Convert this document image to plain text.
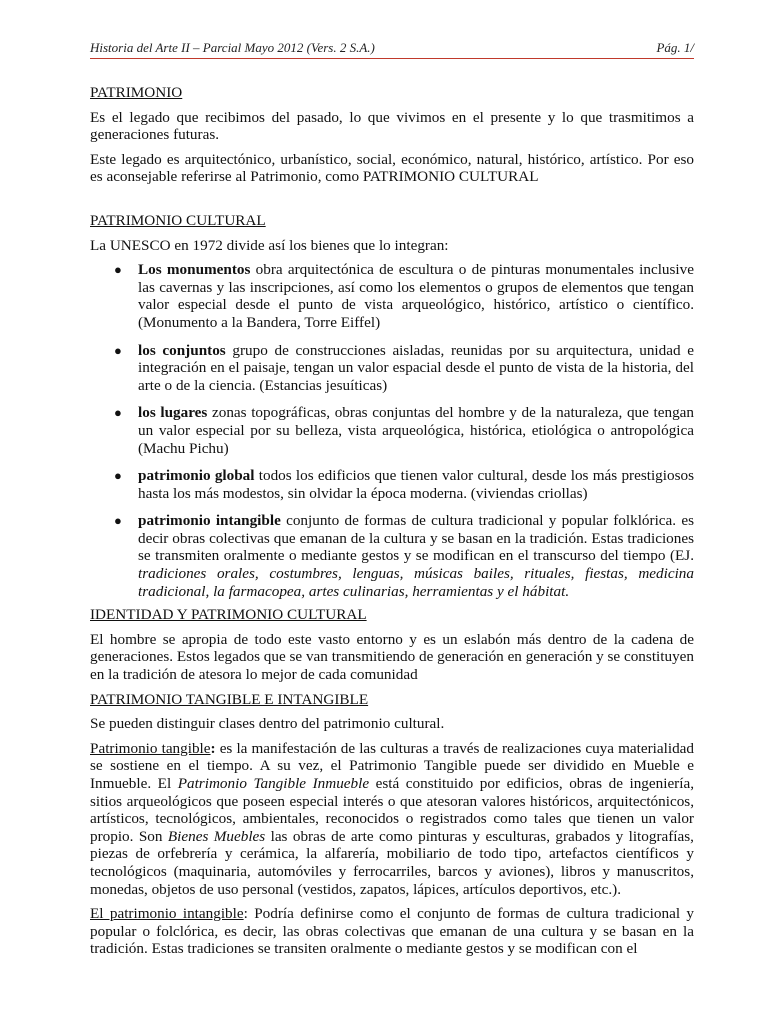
Historia del Arte II – Parcial Mayo 2012 (Vers. 2 S.A.)	Pág. 1/

PATRIMONIO

Es el legado que recibimos del pasado, lo que vivimos en el presente y lo que trasmitimos a generaciones futuras.

Este legado es arquitectónico, urbanístico, social, económico, natural, histórico, artístico. Por eso es aconsejable referirse al Patrimonio, como PATRIMONIO CULTURAL

PATRIMONIO CULTURAL

La UNESCO en 1972 divide así los bienes que lo integran:

● Los monumentos obra arquitectónica de escultura o de pinturas monumentales inclusive las cavernas y las inscripciones, así como los elementos o grupos de elementos que tengan valor especial desde el punto de vista arqueológico, histórico, artístico o científico. (Monumento a la Bandera, Torre Eiffel)
● los conjuntos grupo de construcciones aisladas, reunidas por su arquitectura, unidad e integración en el paisaje, tengan un valor espacial desde el punto de vista de la historia, del arte o de la ciencia. (Estancias jesuíticas)
● los lugares zonas topográficas, obras conjuntas del hombre y de la naturaleza, que tengan un valor especial por su belleza, vista arqueológica, histórica, etiológica o antropológica (Machu Pichu)
● patrimonio global todos los edificios que tienen valor cultural, desde los más prestigiosos hasta los más modestos, sin olvidar la época moderna. (viviendas criollas)
● patrimonio intangible conjunto de formas de cultura tradicional y popular folklórica. es decir obras colectivas que emanan de la cultura y se basan en la tradición. Estas tradiciones se transmiten oralmente o mediante gestos y se modifican en el transcurso del tiempo (EJ. tradiciones orales, costumbres, lenguas, músicas bailes, rituales, fiestas, medicina tradicional, la farmacopea, artes culinarias, herramientas y el hábitat.

IDENTIDAD Y PATRIMONIO CULTURAL

El hombre se apropia de todo este vasto entorno y es un eslabón más dentro de la cadena de generaciones. Estos legados que se van transmitiendo de generación en generación y se constituyen en la tradición de atesora lo mejor de cada comunidad

PATRIMONIO TANGIBLE E INTANGIBLE

Se pueden distinguir clases dentro del patrimonio cultural.

Patrimonio tangible: es la manifestación de las culturas a través de realizaciones cuya materialidad se sostiene en el tiempo. A su vez, el Patrimonio Tangible puede ser dividido en Mueble e Inmueble. El Patrimonio Tangible Inmueble está constituido por edificios, obras de ingeniería, sitios arqueológicos que poseen especial interés o que atesoran valores históricos, arquitectónicos, artísticos, tecnológicos, ambientales, reconocidos o registrados como tales que tienen un valor propio. Son Bienes Muebles las obras de arte como pinturas y esculturas, grabados y litografías, piezas de orfebrería y cerámica, la alfarería, mobiliario de todo tipo, artefactos científicos y tecnológicos (maquinaria, automóviles y ferrocarriles, barcos y aviones), libros y manuscritos, monedas, objetos de uso personal (vestidos, zapatos, lápices, artículos deportivos, etc.).

El patrimonio intangible: Podría definirse como el conjunto de formas de cultura tradicional y popular o folclórica, es decir, las obras colectivas que emanan de una cultura y se basan en la tradición. Estas tradiciones se transiten oralmente o mediante gestos y se modifican con el
